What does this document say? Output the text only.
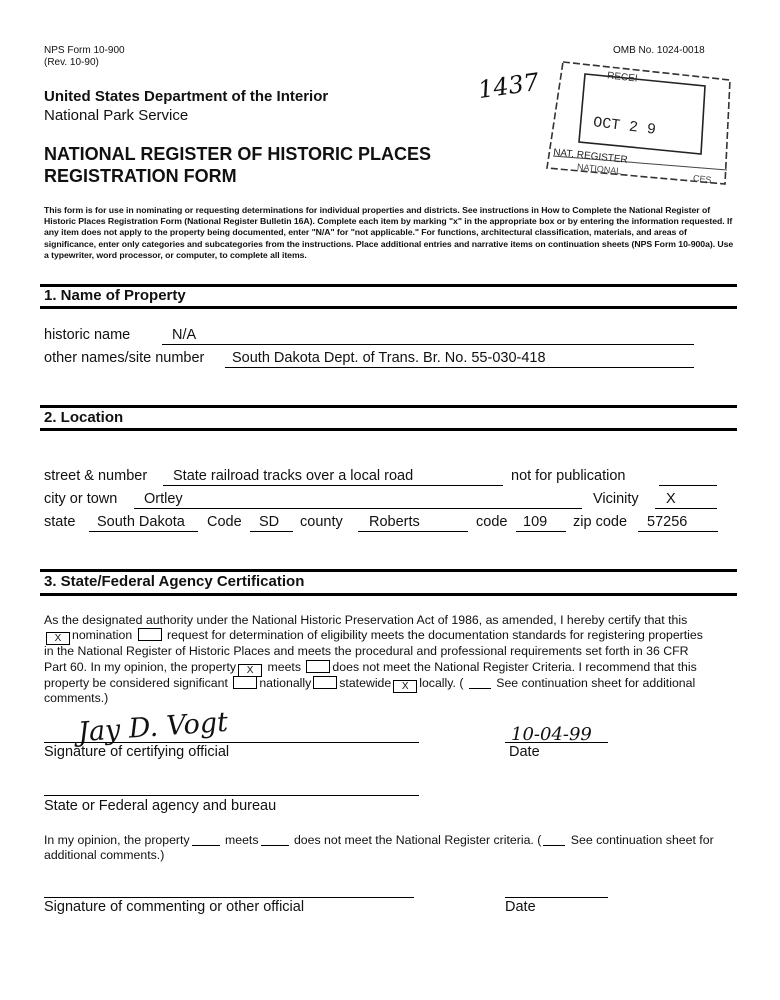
NPS Form 10-900
(Rev. 10-90)
OMB No. 1024-0018
United States Department of the Interior
National Park Service
NATIONAL REGISTER OF HISTORIC PLACES
REGISTRATION FORM
1437	RECEI
OCT 2 9
NAT. REGISTER
NATIONAL
CES
This form is for use in nominating or requesting determinations for individual properties and districts. See instructions in How to Complete the National Register of Historic Places Registration Form (National Register Bulletin 16A). Complete each item by marking "x" in the appropriate box or by entering the information requested. If any item does not apply to the property being documented, enter "N/A" for "not applicable." For functions, architectural classification, materials, and areas of significance, enter only categories and subcategories from the instructions. Place additional entries and narrative items on continuation sheets (NPS Form 10-900a). Use a typewriter, word processor, or computer, to complete all items.
1. Name of Property
historic name	N/A
other names/site number South Dakota Dept. of Trans. Br. No. 55-030-418
2. Location
street & number State railroad tracks over a local road	not for publication
city or town Ortley	Vicinity X
state South Dakota Code SD county Roberts	code 109 zip code 57256
3. State/Federal Agency Certification
As the designated authority under the National Historic Preservation Act of 1986, as amended, I hereby certify that this
X nomination	request for determination of eligibility meets the documentation standards for registering properties
in the National Register of Historic Places and meets the procedural and professional requirements set forth in 36 CFR
Part 60. In my opinion, the property X meets	does not meet the National Register Criteria. I recommend that this
property be considered significant	nationally statewide X locally. (	See continuation sheet for additional
comments.)
Jay D. Vogt
Signature of certifying official
10-04-99
Date
State or Federal agency and bureau
In my opinion, the property	meets	does not meet the National Register criteria. ( See continuation sheet for
additional comments.)
Signature of commenting or other official	Date
